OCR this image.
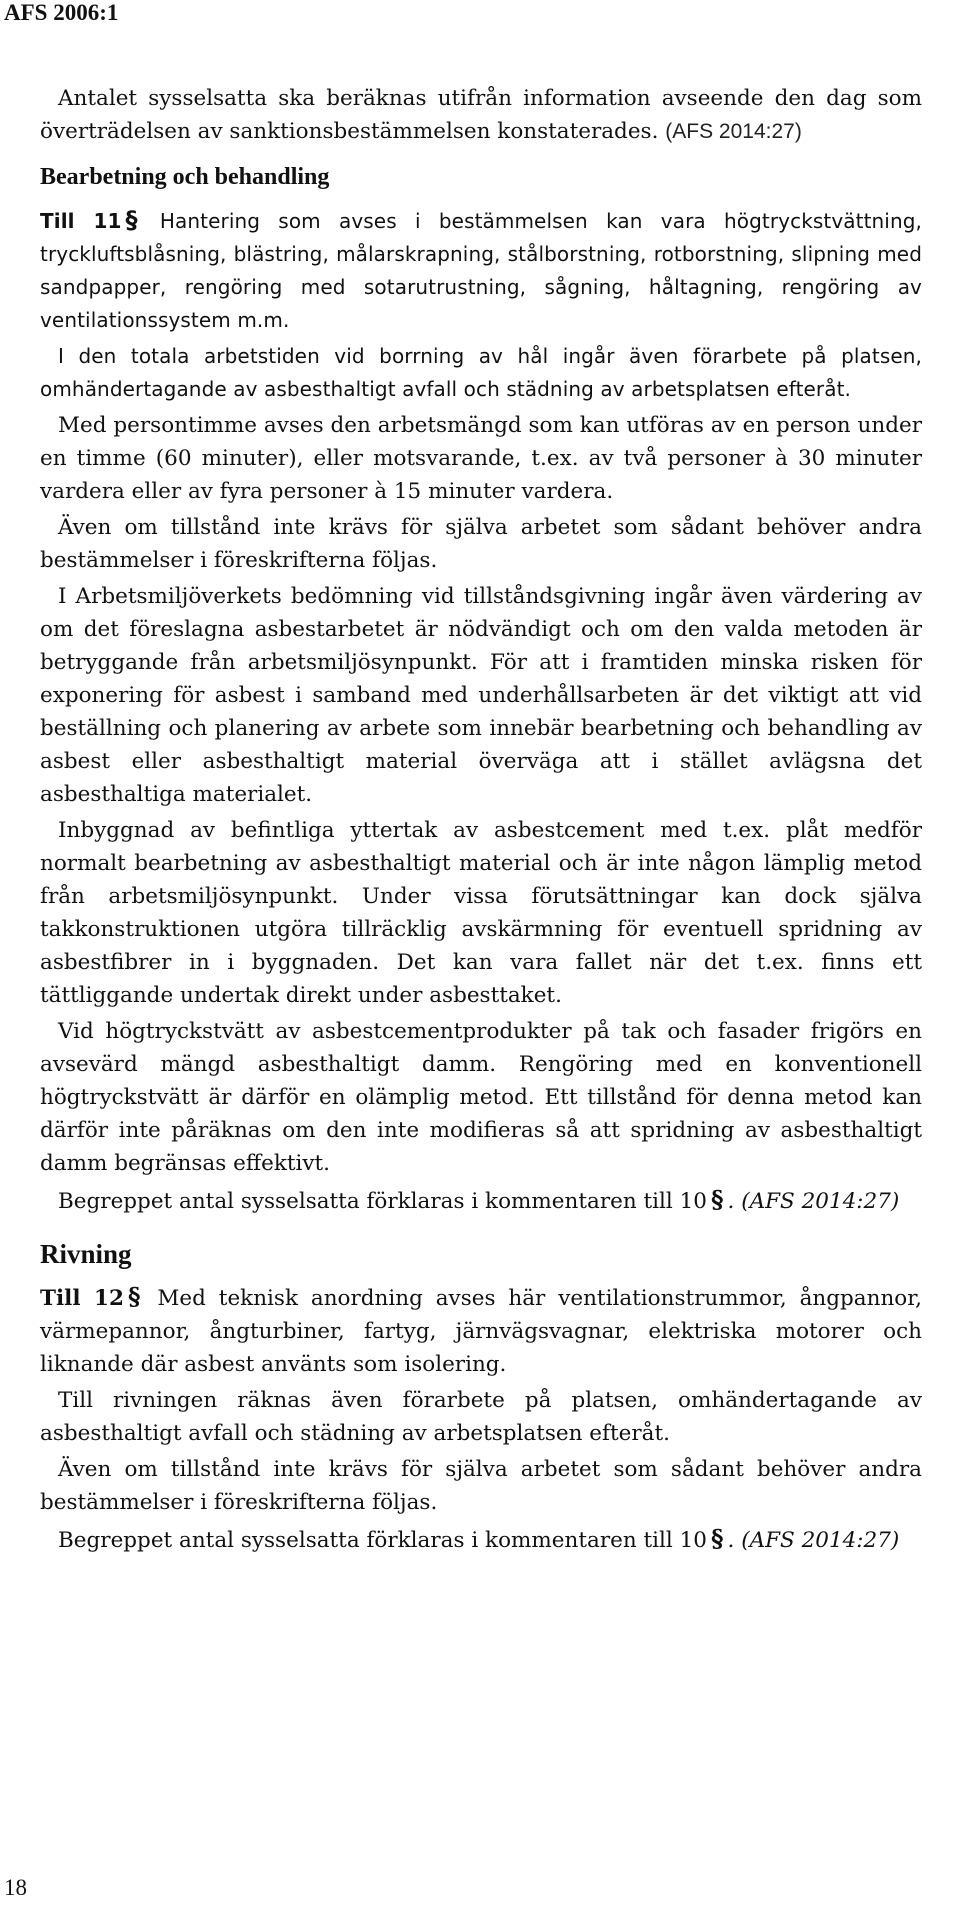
AFS 2006:1

Antalet sysselsatta ska beräknas utifrån information avseende den dag som överträdelsen av sanktionsbestämmelsen konstaterades. (AFS 2014:27)

Bearbetning och behandling

Till 11 § Hantering som avses i bestämmelsen kan vara högtryckstvättning, tryckluftsblåsning, blästring, målarskrapning, stålborstning, rotborstning, slipning med sandpapper, rengöring med sotarutrustning, sågning, håltagning, rengöring av ventilationssystem m.m.

I den totala arbetstiden vid borrning av hål ingår även förarbete på platsen, omhändertagande av asbesthaltigt avfall och städning av arbetsplatsen efteråt.

Med persontimme avses den arbetsmängd som kan utföras av en person under en timme (60 minuter), eller motsvarande, t.ex. av två personer à 30 minuter vardera eller av fyra personer à 15 minuter vardera.

Även om tillstånd inte krävs för själva arbetet som sådant behöver andra bestämmelser i föreskrifterna följas.

I Arbetsmiljöverkets bedömning vid tillståndsgivning ingår även värdering av om det föreslagna asbestarbetet är nödvändigt och om den valda metoden är betryggande från arbetsmiljösynpunkt. För att i framtiden minska risken för exponering för asbest i samband med underhållsarbeten är det viktigt att vid beställning och planering av arbete som innebär bearbetning och behandling av asbest eller asbesthaltigt material överväga att i stället avlägsna det asbesthaltiga materialet.

Inbyggnad av befintliga yttertak av asbestcement med t.ex. plåt medför normalt bearbetning av asbesthaltigt material och är inte någon lämplig metod från arbetsmiljösynpunkt. Under vissa förutsättningar kan dock själva takkonstruktionen utgöra tillräcklig avskärmning för eventuell spridning av asbestfibrer in i byggnaden. Det kan vara fallet när det t.ex. finns ett tättliggande undertak direkt under asbesttaket.

Vid högtryckstvätt av asbestcementprodukter på tak och fasader frigörs en avsevärd mängd asbesthaltigt damm. Rengöring med en konventionell högtryckstvätt är därför en olämplig metod. Ett tillstånd för denna metod kan därför inte påräknas om den inte modifieras så att spridning av asbesthaltigt damm begränsas effektivt.

Begreppet antal sysselsatta förklaras i kommentaren till 10 § . (AFS 2014:27)

Rivning

Till 12 § Med teknisk anordning avses här ventilationstrummor, ångpannor, värmepannor, ångturbiner, fartyg, järnvägsvagnar, elektriska motorer och liknande där asbest använts som isolering.

Till rivningen räknas även förarbete på platsen, omhändertagande av asbesthaltigt avfall och städning av arbetsplatsen efteråt.

Även om tillstånd inte krävs för själva arbetet som sådant behöver andra bestämmelser i föreskrifterna följas.

Begreppet antal sysselsatta förklaras i kommentaren till 10 § . (AFS 2014:27)

18
